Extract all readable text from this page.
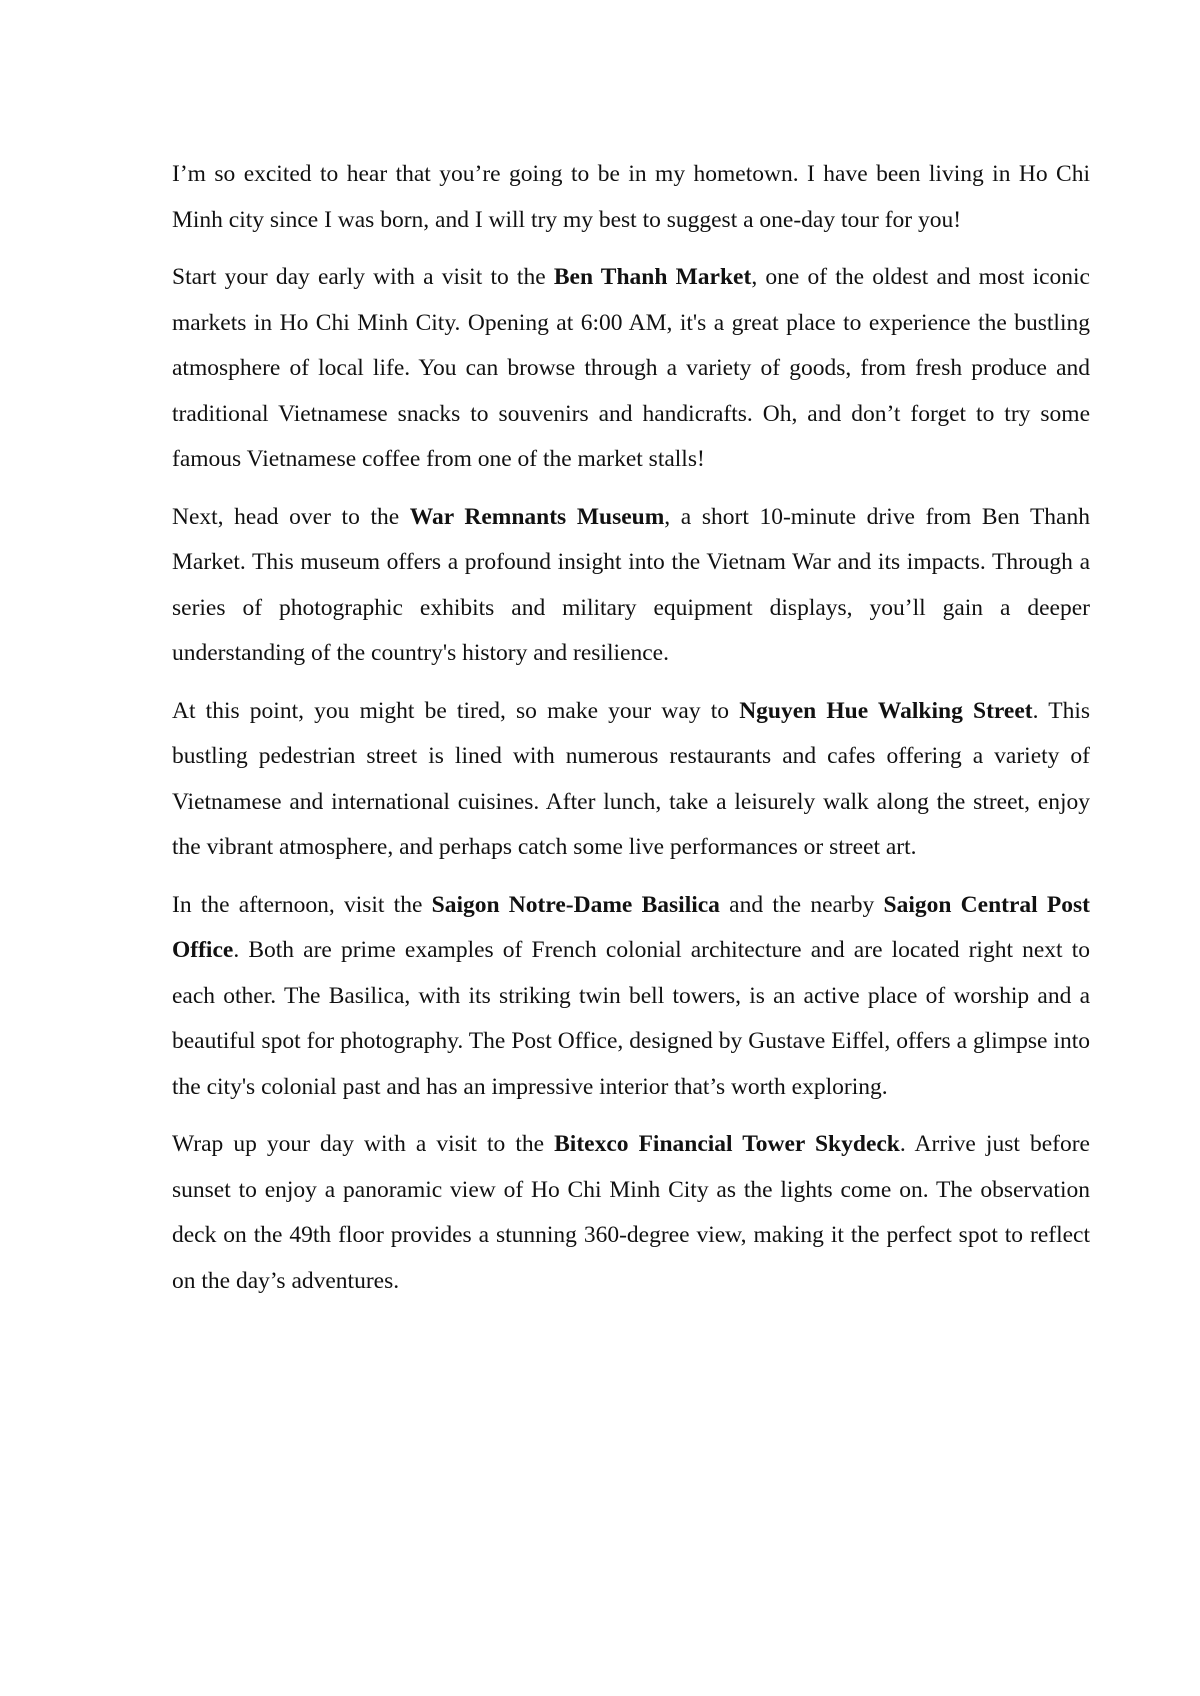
I’m so excited to hear that you’re going to be in my hometown. I have been living in Ho Chi Minh city since I was born, and I will try my best to suggest a one-day tour for you!

Start your day early with a visit to the Ben Thanh Market, one of the oldest and most iconic markets in Ho Chi Minh City. Opening at 6:00 AM, it's a great place to experience the bustling atmosphere of local life. You can browse through a variety of goods, from fresh produce and traditional Vietnamese snacks to souvenirs and handicrafts. Oh, and don’t forget to try some famous Vietnamese coffee from one of the market stalls!

Next, head over to the War Remnants Museum, a short 10-minute drive from Ben Thanh Market. This museum offers a profound insight into the Vietnam War and its impacts. Through a series of photographic exhibits and military equipment displays, you’ll gain a deeper understanding of the country's history and resilience.

At this point, you might be tired, so make your way to Nguyen Hue Walking Street. This bustling pedestrian street is lined with numerous restaurants and cafes offering a variety of Vietnamese and international cuisines. After lunch, take a leisurely walk along the street, enjoy the vibrant atmosphere, and perhaps catch some live performances or street art.

In the afternoon, visit the Saigon Notre-Dame Basilica and the nearby Saigon Central Post Office. Both are prime examples of French colonial architecture and are located right next to each other. The Basilica, with its striking twin bell towers, is an active place of worship and a beautiful spot for photography. The Post Office, designed by Gustave Eiffel, offers a glimpse into the city's colonial past and has an impressive interior that’s worth exploring.

Wrap up your day with a visit to the Bitexco Financial Tower Skydeck. Arrive just before sunset to enjoy a panoramic view of Ho Chi Minh City as the lights come on. The observation deck on the 49th floor provides a stunning 360-degree view, making it the perfect spot to reflect on the day’s adventures.
